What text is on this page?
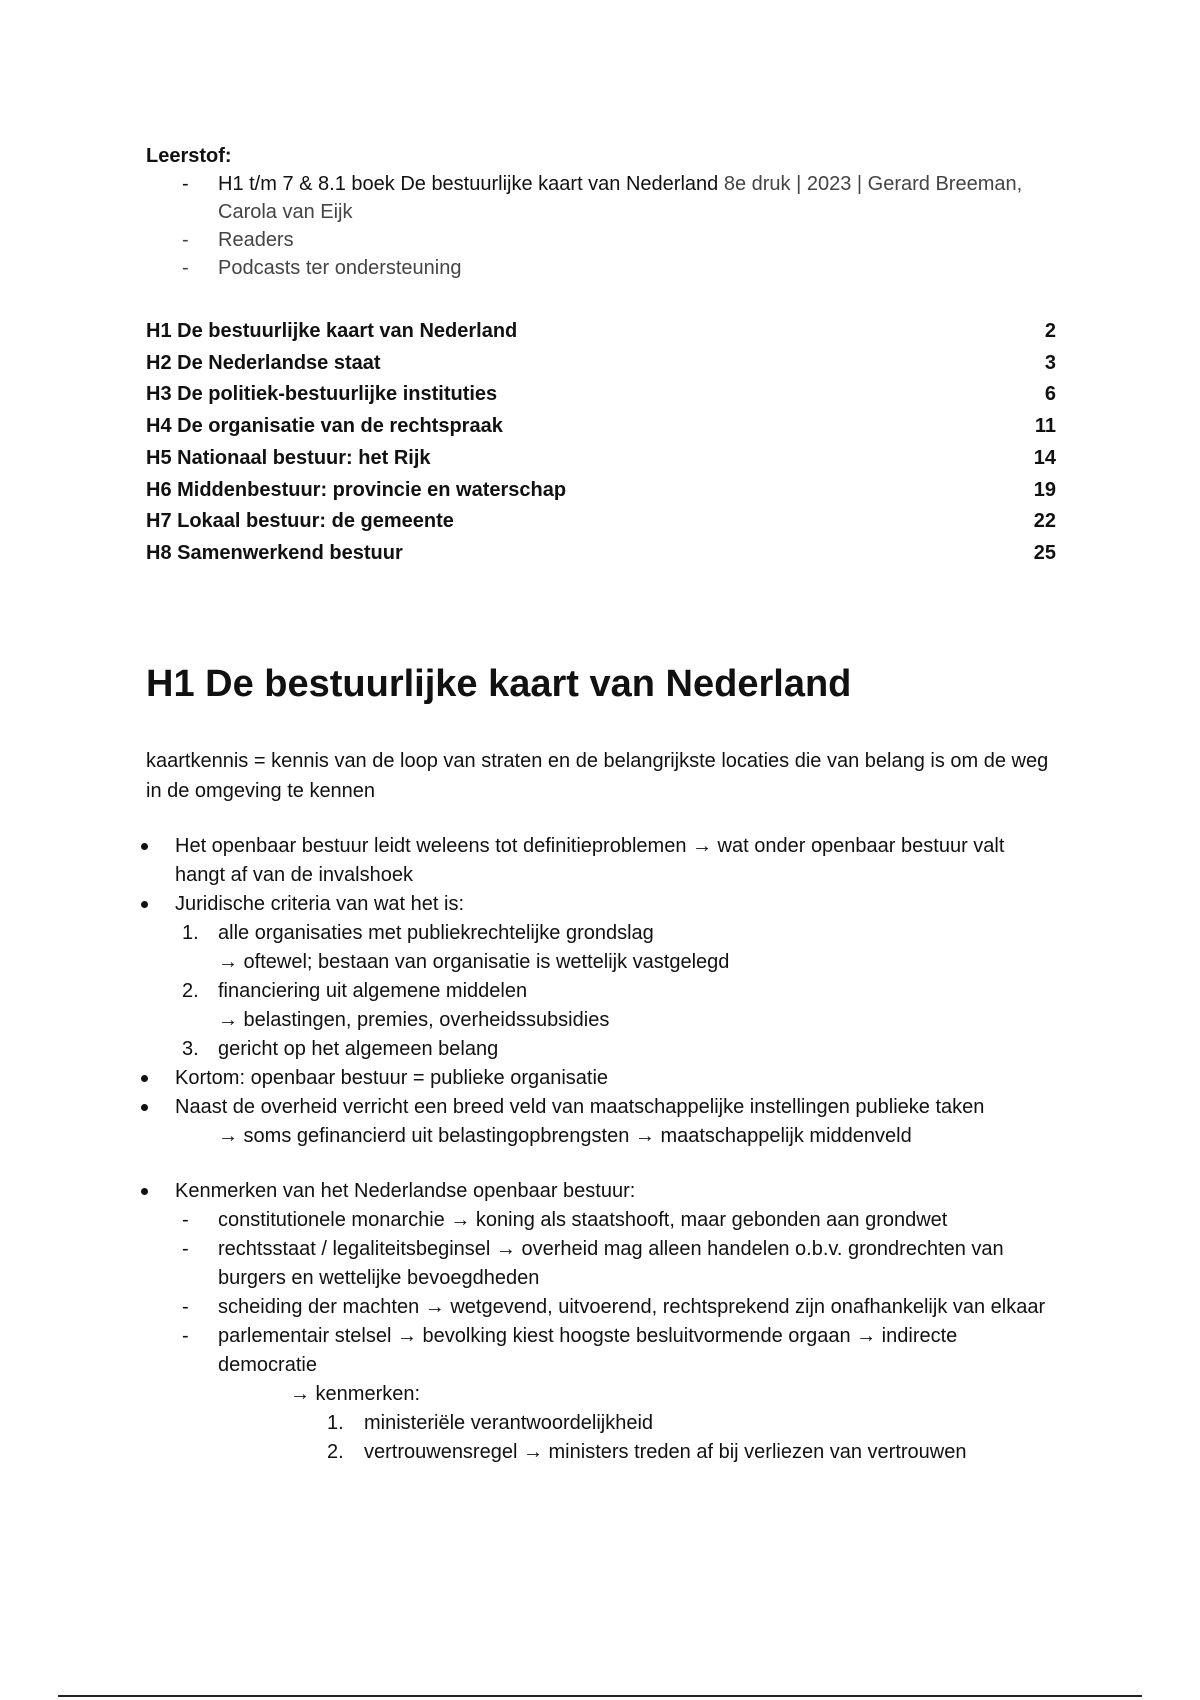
Leerstof:

- H1 t/m 7 & 8.1 boek De bestuurlijke kaart van Nederland 8e druk | 2023 | Gerard Breeman, Carola van Eijk
- Readers
- Podcasts ter ondersteuning
H1 De bestuurlijke kaart van Nederland	2
H2 De Nederlandse staat	3
H3 De politiek-bestuurlijke instituties	6
H4 De organisatie van de rechtspraak	11
H5 Nationaal bestuur: het Rijk	14
H6 Middenbestuur: provincie en waterschap	19
H7 Lokaal bestuur: de gemeente	22
H8 Samenwerkend bestuur	25
H1 De bestuurlijke kaart van Nederland
kaartkennis = kennis van de loop van straten en de belangrijkste locaties die van belang is om de weg in de omgeving te kennen
Het openbaar bestuur leidt weleens tot definitieproblemen → wat onder openbaar bestuur valt hangt af van de invalshoek
Juridische criteria van wat het is:
1. alle organisaties met publiekrechtelijke grondslag
→ oftewel; bestaan van organisatie is wettelijk vastgelegd
2. financiering uit algemene middelen
→ belastingen, premies, overheidssubsidies
3. gericht op het algemeen belang
Kortom: openbaar bestuur = publieke organisatie
Naast de overheid verricht een breed veld van maatschappelijke instellingen publieke taken
→ soms gefinancierd uit belastingopbrengsten → maatschappelijk middenveld
Kenmerken van het Nederlandse openbaar bestuur:
- constitutionele monarchie → koning als staatshooft, maar gebonden aan grondwet
- rechtsstaat / legaliteitsbeginsel → overheid mag alleen handelen o.b.v. grondrechten van burgers en wettelijke bevoegdheden
- scheiding der machten → wetgevend, uitvoerend, rechtsprekend zijn onafhankelijk van elkaar
- parlementair stelsel → bevolking kiest hoogste besluitvormende orgaan → indirecte democratie
→ kenmerken:
1. ministeriële verantwoordelijkheid
2. vertrouwensregel → ministers treden af bij verliezen van vertrouwen
